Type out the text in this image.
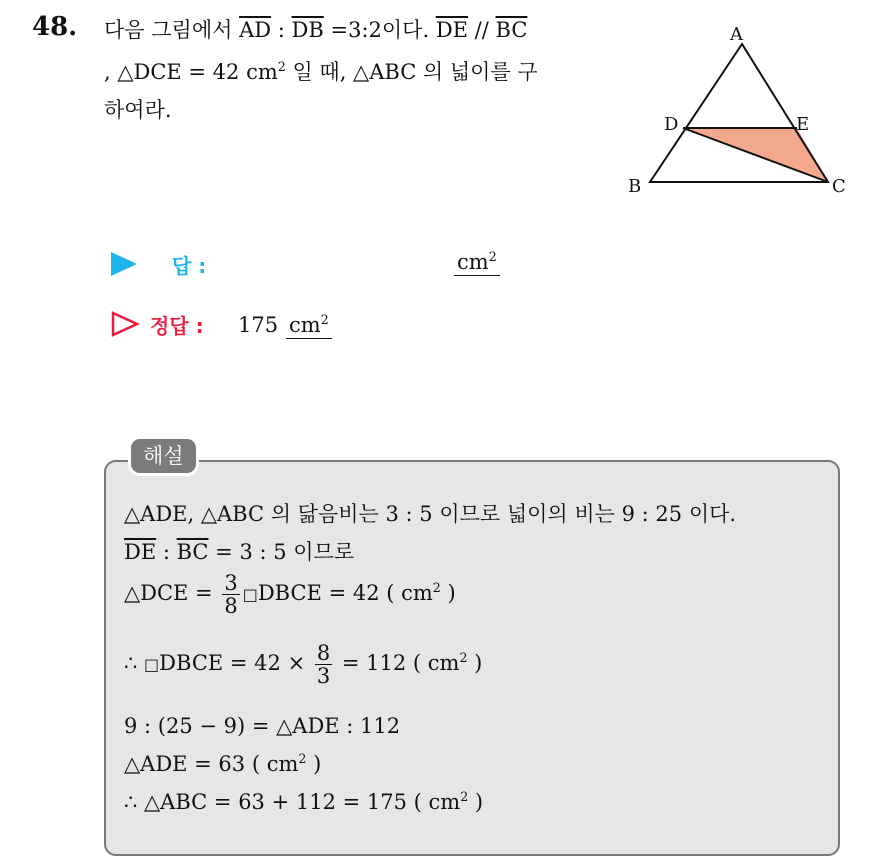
48. 다음 그림에서 $\overline{AD}$ : $\overline{DB}$ =3:2이다. $\overline{DE} // \overline{BC}$
, △DCE = 42 $cm^2$ 일 때, △ABC 의 넓이를 구
하여라.
A
D	E
B	C
답 :	$cm^2$
정답 : 175 $cm^2$
해설
△ADE, △ABC 의 닮음비는 3 : 5 이므로 넓이의 비는 9 : 25 이다.
$\overline{DE}$ : $\overline{BC} = 3$ : 5 이므로
△DCE = $\frac{3}{8}$ □DBCE = 42 ( $cm^2$ )
∴ □DBCE = $42 \times \frac{8}{3} = 112$ ( $cm^2$ )
9 : (25 − 9) = △ADE : 112
△ADE = 63 ( $cm^2$ )
∴ △ABC = 63 + 112 = 175 ( $cm^2$ )
